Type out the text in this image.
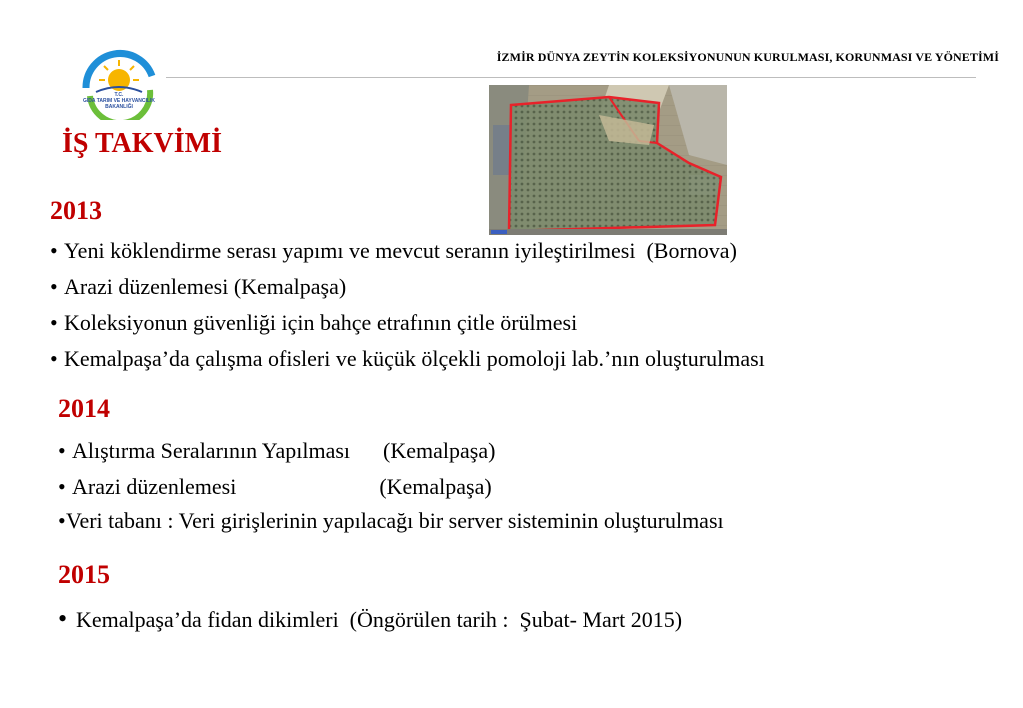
T.C.
GIDA TARIM VE HAYVANCILIK
BAKANLIĞI
İZMİR DÜNYA ZEYTİN KOLEKSİYONUNUN KURULMASI, KORUNMASI VE YÖNETİMİ
İŞ TAKVİMİ
2013
• Yeni köklendirme serası yapımı ve mevcut seranın iyileştirilmesi  (Bornova)
• Arazi düzenlemesi (Kemalpaşa)
• Koleksiyonun güvenliği için bahçe etrafının çitle örülmesi
• Kemalpaşa’da çalışma ofisleri ve küçük ölçekli pomoloji lab.’nın oluşturulması
2014
• Alıştırma Seralarının Yapılması      (Kemalpaşa)
• Arazi düzenlemesi                          (Kemalpaşa)
•Veri tabanı : Veri girişlerinin yapılacağı bir server sisteminin oluşturulması
2015
• Kemalpaşa’da fidan dikimleri  (Öngörülen tarih :  Şubat- Mart 2015)
